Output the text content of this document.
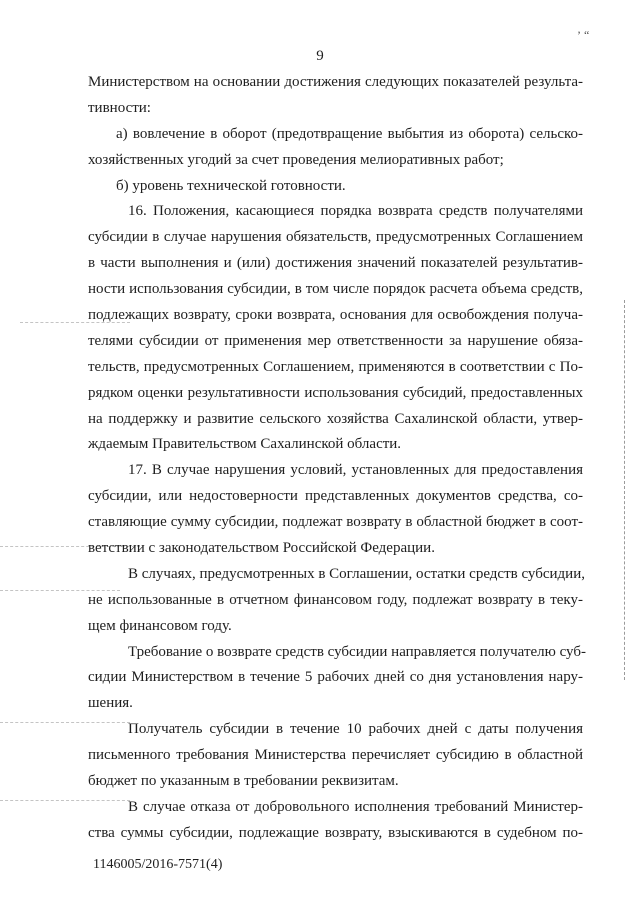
9
’“
Министерством на основании достижения следующих показателей результа-
тивности:
а) вовлечение в оборот (предотвращение выбытия из оборота) сельско-
хозяйственных угодий за счет проведения мелиоративных работ;
б) уровень технической готовности.
16. Положения, касающиеся порядка возврата средств получателями
субсидии в случае нарушения обязательств, предусмотренных Соглашением
в части выполнения и (или) достижения значений показателей результатив-
ности использования субсидии, в том числе порядок расчета объема средств,
подлежащих возврату, сроки возврата, основания для освобождения получа-
телями субсидии от применения мер ответственности за нарушение обяза-
тельств, предусмотренных Соглашением, применяются в соответствии с По-
рядком оценки результативности использования субсидий, предоставленных
на поддержку и развитие сельского хозяйства Сахалинской области, утвер-
ждаемым Правительством Сахалинской области.
17. В случае нарушения условий, установленных для предоставления
субсидии, или недостоверности представленных документов средства, со-
ставляющие сумму субсидии, подлежат возврату в областной бюджет в соот-
ветствии с законодательством Российской Федерации.
В случаях, предусмотренных в Соглашении, остатки средств субсидии,
не использованные в отчетном финансовом году, подлежат возврату в теку-
щем финансовом году.
Требование о возврате средств субсидии направляется получателю суб-
сидии Министерством в течение 5 рабочих дней со дня установления нару-
шения.
Получатель субсидии в течение 10 рабочих дней с даты получения
письменного требования Министерства перечисляет субсидию в областной
бюджет по указанным в требовании реквизитам.
В случае отказа от добровольного исполнения требований Министер-
ства суммы субсидии, подлежащие возврату, взыскиваются в судебном по-
1146005/2016-7571(4)
